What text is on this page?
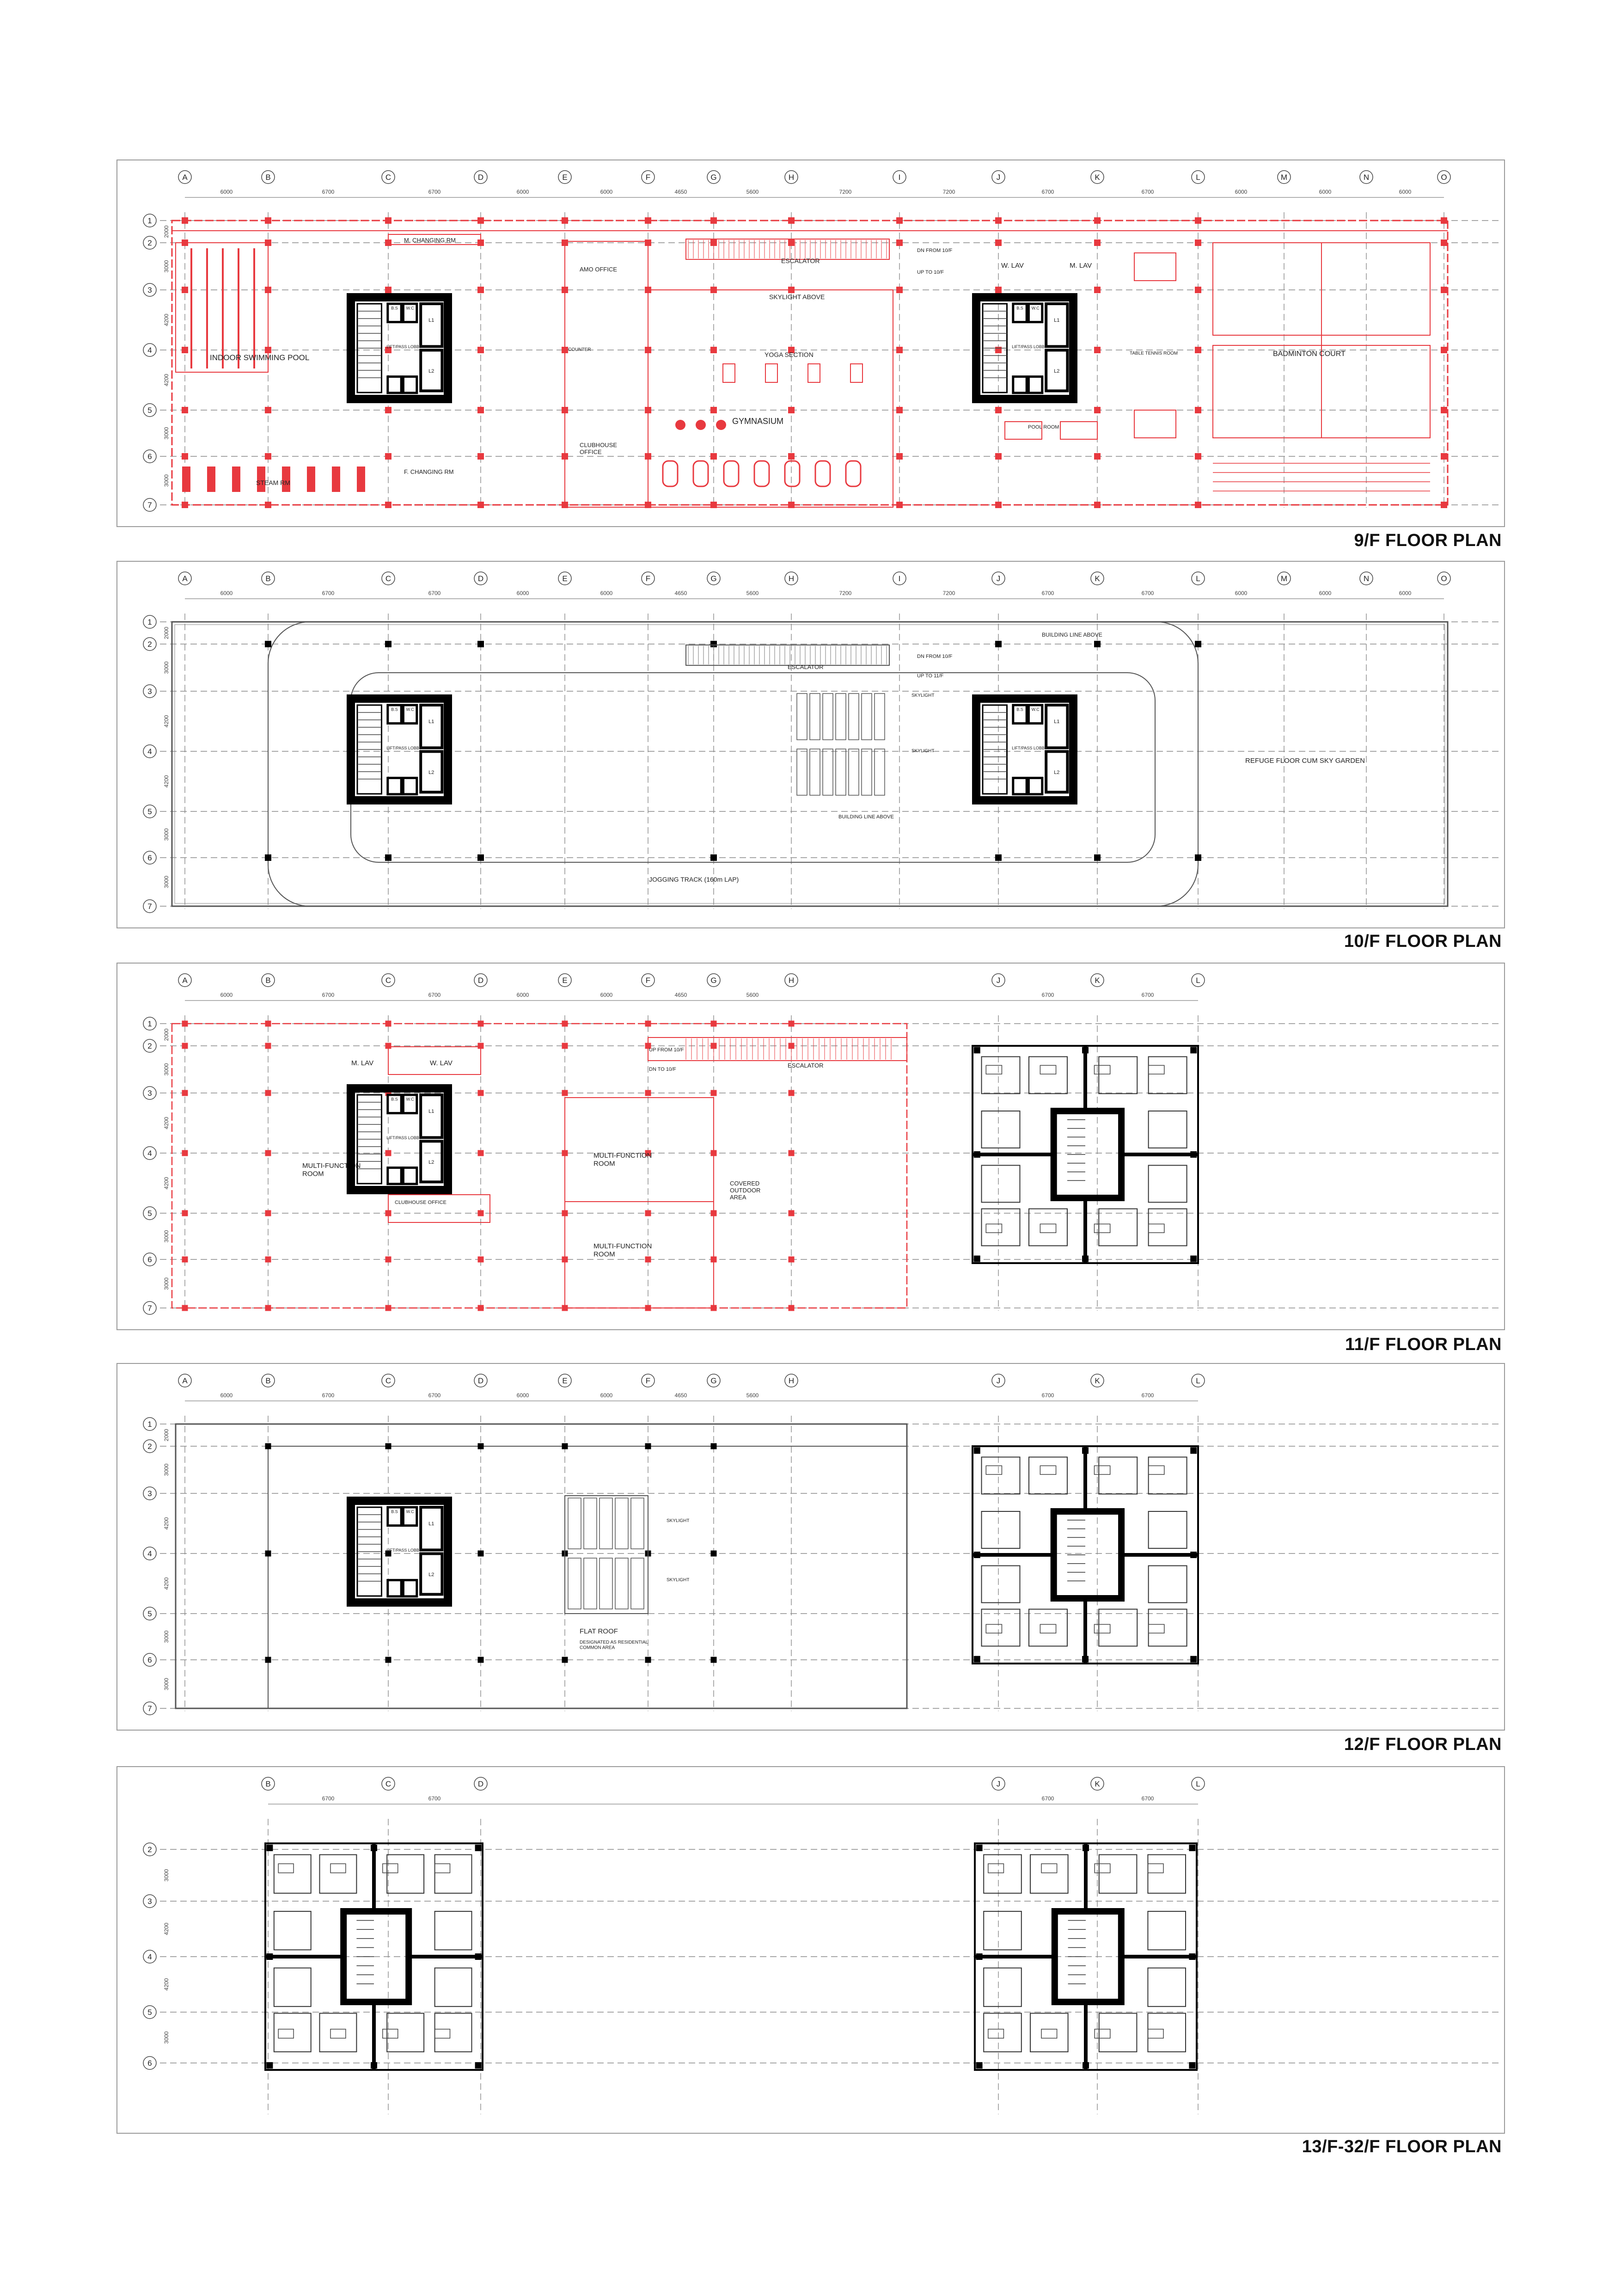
A	B	C	D	E	F	G	H	I	J	K	L	M	N	O
6000	6700	6700	6000	6000	4650	5600	7200	7200	6700	6700	6000	6000	6000
1
2
3
4
5
6
7
2000
3000
4200
4200
3000
3000
INDOOR SWIMMING POOL
STEAM RM
M. CHANGING RM
F. CHANGING RM
L1
L2
LIFT/PASS LOBBY
B.S W.C
AMO OFFICE
COUNTER
CLUBHOUSE
OFFICE
ESCALATOR
DN FROM 10/F
UP TO 10/F
SKYLIGHT ABOVE
YOGA SECTION
GYMNASIUM
L1
L2
LIFT/PASS LOBBY
B.S W.C
W. LAV	M. LAV
POOL ROOM
TABLE TENNIS ROOM	BADMINTON COURT
9/F FLOOR PLAN
A	B	C	D	E	F	G	H	I	J	K	L	M	N	O
6000	6700	6700	6000	6000	4650	5600	7200	7200	6700	6700	6000	6000	6000
1
2
3
4
5
6
7
2000
3000
4200
4200
3000
3000
L1
L2
LIFT/PASS LOBBY
B.S W.C
L1
L2
LIFT/PASS LOBBY
B.S W.C
BUILDING LINE ABOVE
ESCALATOR
DN FROM 10/F
UP TO 11/F
SKYLIGHT
SKYLIGHT
BUILDING LINE ABOVE
JOGGING TRACK (160m LAP)
REFUGE FLOOR CUM SKY GARDEN
10/F FLOOR PLAN
A	B	C	D	E	F	G	H	J	K	L
6000	6700	6700	6000	6000	4650	5600	6700	6700
1
2
3
4
5
6
7
2000
3000
4200
4200
3000
3000
MULTI-FUNCTION
ROOM
M. LAV	W. LAV
L1
L2
LIFT/PASS LOBBY
B.S W.C
CLUBHOUSE OFFICE
ESCALATOR
UP FROM 10/F
DN TO 10/F
MULTI-FUNCTION
ROOM
COVERED
OUTDOOR
AREA
MULTI-FUNCTION
ROOM
11/F FLOOR PLAN
A	B	C	D	E	F	G	H	J	K	L
6000	6700	6700	6000	6000	4650	5600	6700	6700
1
2
3
4
5
6
7
2000
3000
4200
4200
3000
3000
L1
L2
LIFT/PASS LOBBY
B.S W.C
SKYLIGHT
SKYLIGHT
FLAT ROOF
DESIGNATED AS RESIDENTIAL
COMMON AREA
12/F FLOOR PLAN
B	C	D	J	K	L
6700	6700	6700	6700
2
3
4
5
6
3000
4200
4200
3000
13/F-32/F FLOOR PLAN
